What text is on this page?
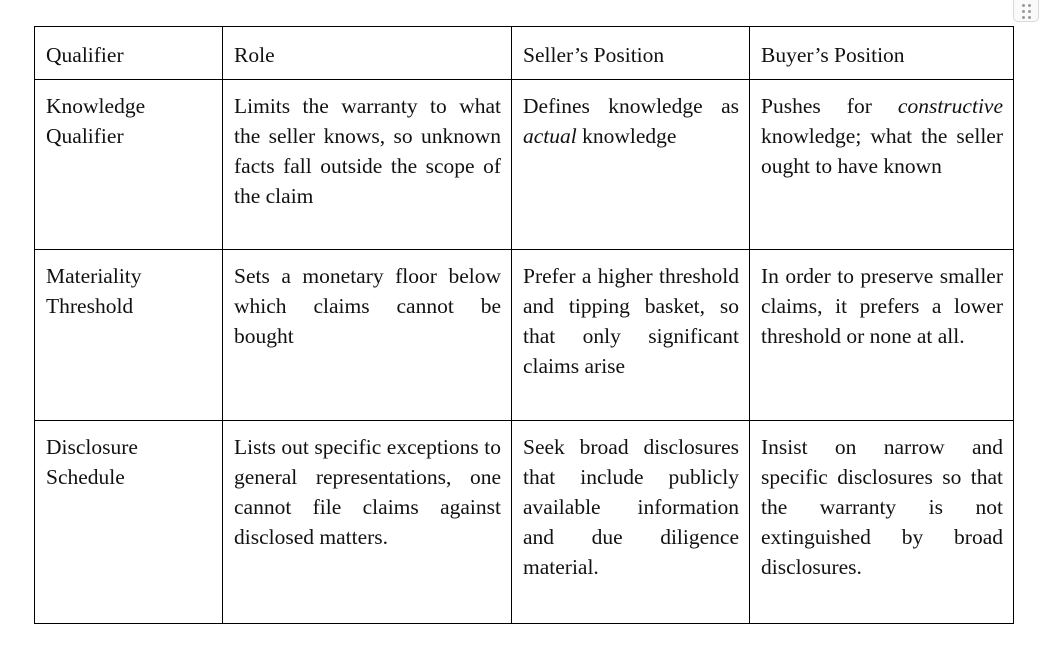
Qualifier	Role	Seller’s Position	Buyer’s Position
Knowledge Qualifier	Limits the warranty to what the seller knows, so unknown facts fall outside the scope of the claim	Defines knowledge as actual knowledge	Pushes for constructive knowledge; what the seller ought to have known
Materiality Threshold	Sets a monetary floor below which claims cannot be bought	Prefer a higher threshold and tipping basket, so that only significant claims arise	In order to preserve smaller claims, it prefers a lower threshold or none at all.
Disclosure Schedule	Lists out specific exceptions to general representations, one cannot file claims against disclosed matters.	Seek broad disclosures that include publicly available information and due diligence material.	Insist on narrow and specific disclosures so that the warranty is not extinguished by broad disclosures.
